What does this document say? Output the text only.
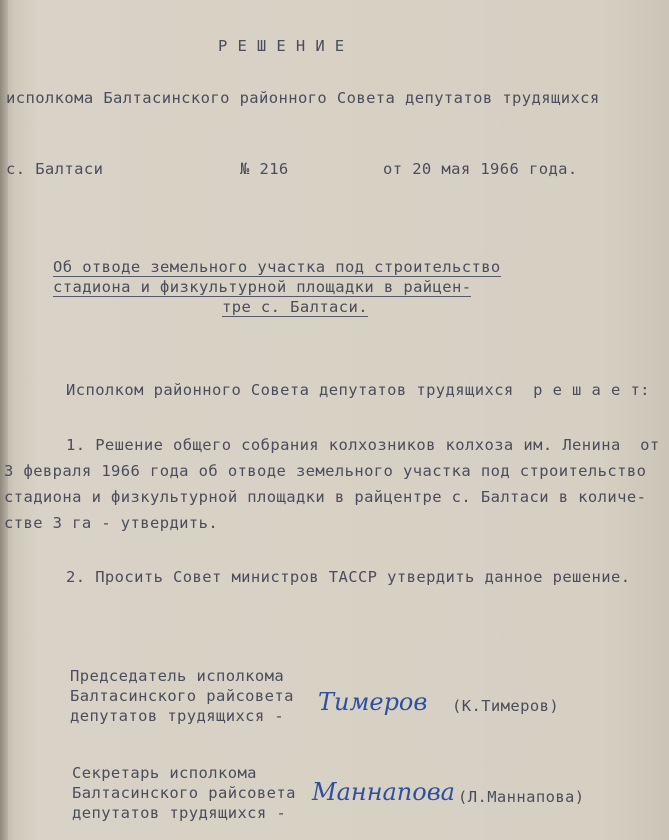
Р Е Ш Е Н И Е
исполкома Балтасинского районного Совета депутатов трудящихся
с. Балтаси	№ 216	от 20 мая 1966 года.
Об отводе земельного участка под строительство
стадиона и физкультурной площадки в райцен-
тре с. Балтаси.
Исполком районного Совета депутатов трудящихся  р е ш а е т:
1. Решение общего собрания колхозников колхоза им. Ленина  от
3 февраля 1966 года об отводе земельного участка под строительство
стадиона и физкультурной площадки в райцентре с. Балтаси в количе-
стве 3 га - утвердить.
2. Просить Совет министров ТАССР утвердить данное решение.
Председатель исполкома
Балтасинского райсовета
депутатов трудящихся - Тимеров (К.Тимеров)
Секретарь исполкома
Балтасинского райсовета
депутатов трудящихся -
Маннапова (Л.Маннапова)
